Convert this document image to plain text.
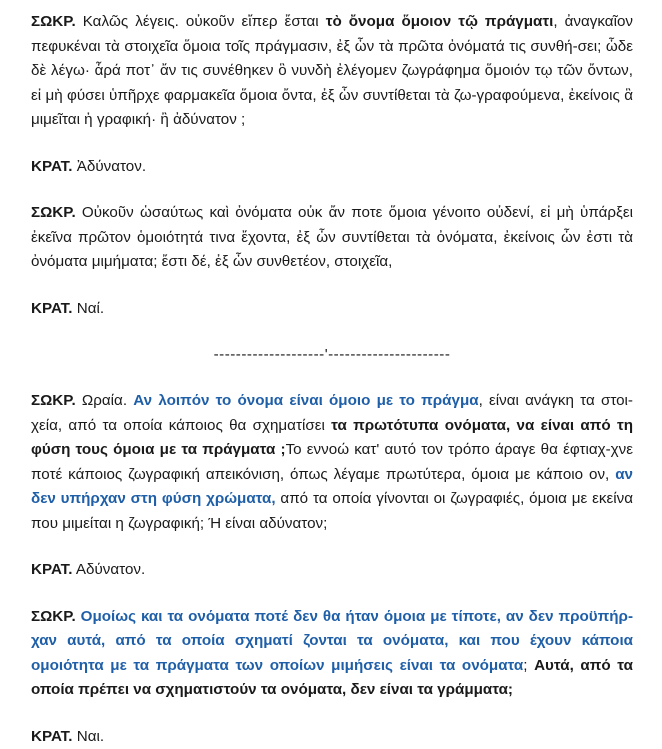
ΣΩΚΡ. Καλῶς λέγεις. οὐκοῦν εἴπερ ἔσται τὸ ὄνομα ὅμοιον τῷ πράγματι, ἀναγκαῖον πεφυκέναι τὰ στοιχεῖα ὅμοια τοῖς πράγμασιν, ἐξ ὧν τὰ πρῶτα ὀνόματά τις συνθή-σει; ὧδε δὲ λέγω· ἆρά ποτ᾽ ἄν τις συνέθηκεν ὃ νυνδὴ ἐλέγομεν ζωγράφημα ὅμοιόν τῳ τῶν ὄντων, εἰ μὴ φύσει ὑπῆρχε φαρμακεῖα ὅμοια ὄντα, ἐξ ὧν συντίθεται τὰ ζω-γραφούμενα, ἐκείνοις ἃ μιμεῖται ἡ γραφική· ἢ ἀδύνατον ;

ΚΡΑΤ. Ἀδύνατον.

ΣΩΚΡ. Οὐκοῦν ὡσαύτως καὶ ὀνόματα οὐκ ἄν ποτε ὅμοια γένοιτο οὐδενί, εἰ μὴ ὑπάρξει ἐκεῖνα πρῶτον ὁμοιότητά τινα ἔχοντα, ἐξ ὧν συντίθεται τὰ ὀνόματα, ἐκείνοις ὧν ἐστι τὰ ὀνόματα μιμήματα; ἔστι δέ, ἐξ ὧν συνθετέον, στοιχεῖα,

ΚΡΑΤ. Ναί.

--------------------'----------------------

ΣΩΚΡ. Ωραία. Αν λοιπόν το όνομα είναι όμοιο με το πράγμα, είναι ανάγκη τα στοι-χεία, από τα οποία κάποιος θα σχηματίσει τα πρωτότυπα ονόματα, να είναι από τη φύση τους όμοια με τα πράγματα ;Το εννοώ κατ' αυτό τον τρόπο άραγε θα έφτιαχ-χνε ποτέ κάποιος ζωγραφική απεικόνιση, όπως λέγαμε πρωτύτερα, όμοια με κάποιο ον, αν δεν υπήρχαν στη φύση χρώματα, από τα οποία γίνονται οι ζωγραφιές, όμοια με εκείνα που μιμείται η ζωγραφική; Ή είναι αδύνατον;

ΚΡΑΤ. Αδύνατον.

ΣΩΚΡ. Ομοίως και τα ονόματα ποτέ δεν θα ήταν όμοια με τίποτε, αν δεν προϋπήρ-χαν αυτά, από τα οποία σχηματί ζονται τα ονόματα, και που έχουν κάποια ομοιότητα με τα πράγματα των οποίων μιμήσεις είναι τα ονόματα; Αυτά, από τα οποία πρέπει να σχηματιστούν τα ονόματα, δεν είναι τα γράμματα;

ΚΡΑΤ. Ναι.
